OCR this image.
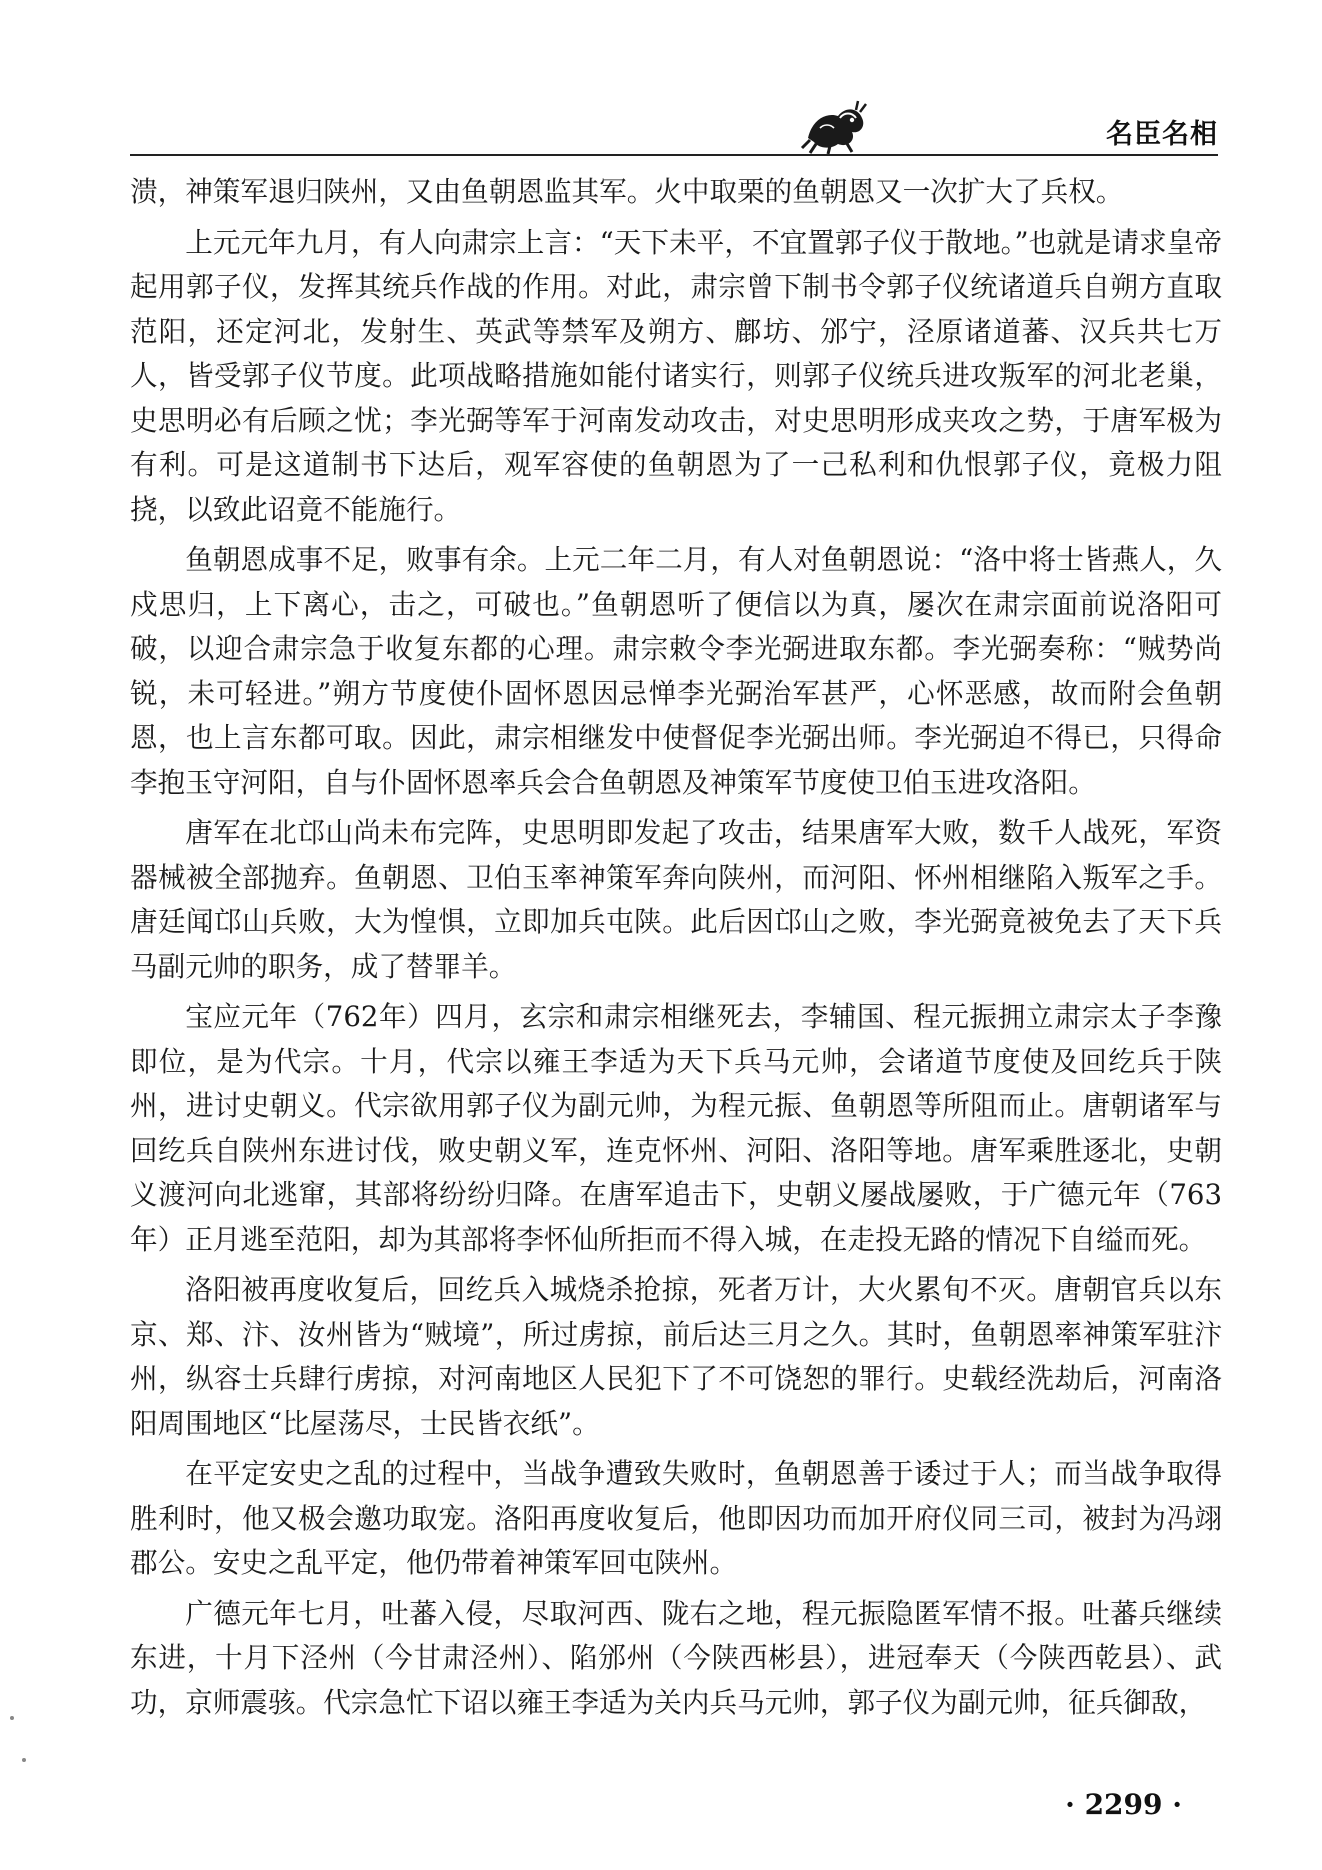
名臣名相

溃，神策军退归陕州，又由鱼朝恩监其军。火中取栗的鱼朝恩又一次扩大了兵权。

上元元年九月，有人向肃宗上言：“天下未平，不宜置郭子仪于散地。”也就是请求皇帝起用郭子仪，发挥其统兵作战的作用。对此，肃宗曾下制书令郭子仪统诸道兵自朔方直取范阳，还定河北，发射生、英武等禁军及朔方、鄜坊、邠宁，泾原诸道蕃、汉兵共七万人，皆受郭子仪节度。此项战略措施如能付诸实行，则郭子仪统兵进攻叛军的河北老巢，史思明必有后顾之忧；李光弼等军于河南发动攻击，对史思明形成夹攻之势，于唐军极为有利。可是这道制书下达后，观军容使的鱼朝恩为了一己私利和仇恨郭子仪，竟极力阻挠，以致此诏竟不能施行。

鱼朝恩成事不足，败事有余。上元二年二月，有人对鱼朝恩说：“洛中将士皆燕人，久戍思归，上下离心，击之，可破也。”鱼朝恩听了便信以为真，屡次在肃宗面前说洛阳可破，以迎合肃宗急于收复东都的心理。肃宗敕令李光弼进取东都。李光弼奏称：“贼势尚锐，未可轻进。”朔方节度使仆固怀恩因忌惮李光弼治军甚严，心怀恶感，故而附会鱼朝恩，也上言东都可取。因此，肃宗相继发中使督促李光弼出师。李光弼迫不得已，只得命李抱玉守河阳，自与仆固怀恩率兵会合鱼朝恩及神策军节度使卫伯玉进攻洛阳。

唐军在北邙山尚未布完阵，史思明即发起了攻击，结果唐军大败，数千人战死，军资器械被全部抛弃。鱼朝恩、卫伯玉率神策军奔向陕州，而河阳、怀州相继陷入叛军之手。唐廷闻邙山兵败，大为惶惧，立即加兵屯陕。此后因邙山之败，李光弼竟被免去了天下兵马副元帅的职务，成了替罪羊。

宝应元年（762年）四月，玄宗和肃宗相继死去，李辅国、程元振拥立肃宗太子李豫即位，是为代宗。十月，代宗以雍王李适为天下兵马元帅，会诸道节度使及回纥兵于陕州，进讨史朝义。代宗欲用郭子仪为副元帅，为程元振、鱼朝恩等所阻而止。唐朝诸军与回纥兵自陕州东进讨伐，败史朝义军，连克怀州、河阳、洛阳等地。唐军乘胜逐北，史朝义渡河向北逃窜，其部将纷纷归降。在唐军追击下，史朝义屡战屡败，于广德元年（763年）正月逃至范阳，却为其部将李怀仙所拒而不得入城，在走投无路的情况下自缢而死。

洛阳被再度收复后，回纥兵入城烧杀抢掠，死者万计，大火累旬不灭。唐朝官兵以东京、郑、汴、汝州皆为“贼境”，所过虏掠，前后达三月之久。其时，鱼朝恩率神策军驻汴州，纵容士兵肆行虏掠，对河南地区人民犯下了不可饶恕的罪行。史载经洗劫后，河南洛阳周围地区“比屋荡尽，士民皆衣纸”。

在平定安史之乱的过程中，当战争遭致失败时，鱼朝恩善于诿过于人；而当战争取得胜利时，他又极会邀功取宠。洛阳再度收复后，他即因功而加开府仪同三司，被封为冯翊郡公。安史之乱平定，他仍带着神策军回屯陕州。

广德元年七月，吐蕃入侵，尽取河西、陇右之地，程元振隐匿军情不报。吐蕃兵继续东进，十月下泾州（今甘肃泾州）、陷邠州（今陕西彬县），进冠奉天（今陕西乾县）、武功，京师震骇。代宗急忙下诏以雍王李适为关内兵马元帅，郭子仪为副元帅，征兵御敌，

· 2299 ·
